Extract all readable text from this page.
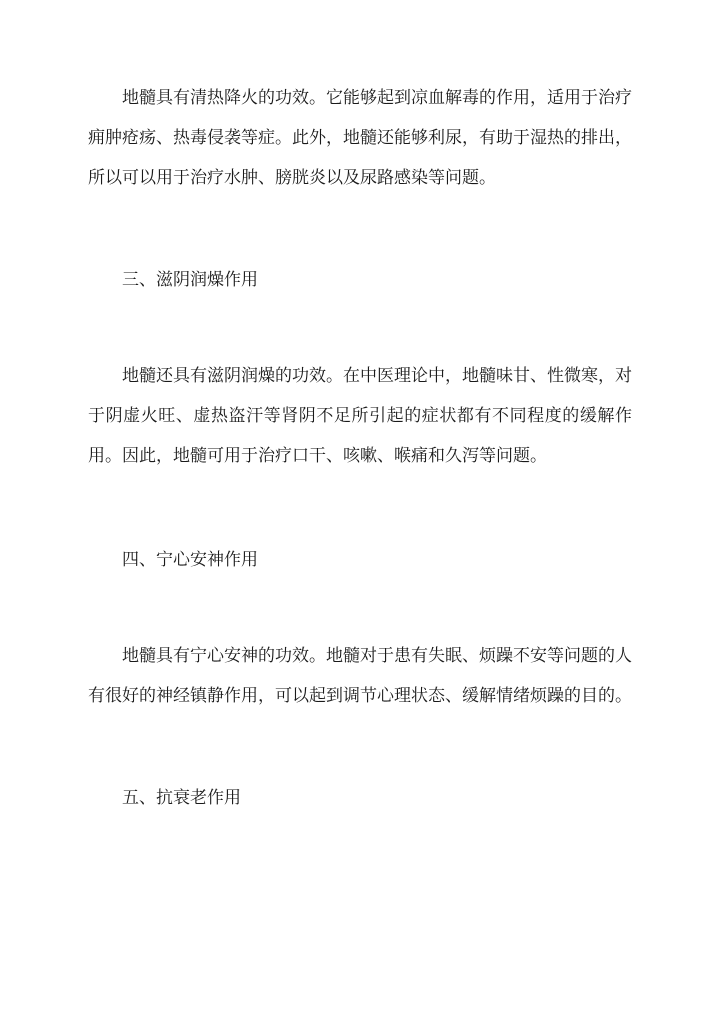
地髓具有清热降火的功效。它能够起到凉血解毒的作用，适用于治疗痈肿疮疡、热毒侵袭等症。此外，地髓还能够利尿，有助于湿热的排出，所以可以用于治疗水肿、膀胱炎以及尿路感染等问题。

三、滋阴润燥作用

地髓还具有滋阴润燥的功效。在中医理论中，地髓味甘、性微寒，对于阴虚火旺、虚热盗汗等肾阴不足所引起的症状都有不同程度的缓解作用。因此，地髓可用于治疗口干、咳嗽、喉痛和久泻等问题。

四、宁心安神作用

地髓具有宁心安神的功效。地髓对于患有失眠、烦躁不安等问题的人有很好的神经镇静作用，可以起到调节心理状态、缓解情绪烦躁的目的。

五、抗衰老作用
